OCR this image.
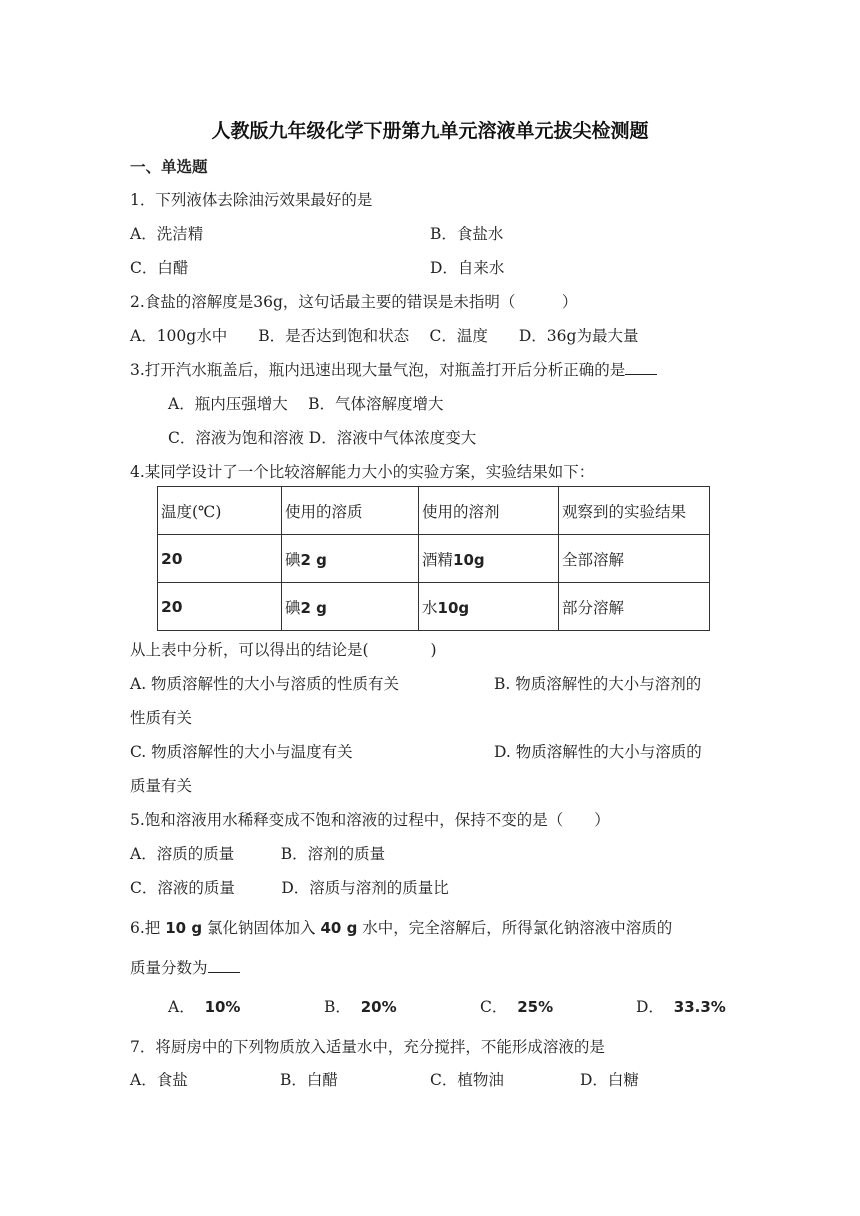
人教版九年级化学下册第九单元溶液单元拔尖检测题
一、单选题
1．下列液体去除油污效果最好的是
A．洗洁精	B．食盐水
C．白醋	D．自来水
2.食盐的溶解度是36g，这句话最主要的错误是未指明（　　　）
A．100g水中　　B．是否达到饱和状态　 C．温度　　D．36g为最大量
3.打开汽水瓶盖后，瓶内迅速出现大量气泡，对瓶盖打开后分析正确的是
A．瓶内压强增大　 B．气体溶解度增大
C．溶液为饱和溶液 D．溶液中气体浓度变大
4.某同学设计了一个比较溶解能力大小的实验方案，实验结果如下：
温度(℃)	使用的溶质	使用的溶剂	观察到的实验结果
20	碘2 g	酒精10g	全部溶解
20	碘2 g	水10g	部分溶解
从上表中分析，可以得出的结论是(　　　　)
A. 物质溶解性的大小与溶质的性质有关	B. 物质溶解性的大小与溶剂的
性质有关
C. 物质溶解性的大小与温度有关	D. 物质溶解性的大小与溶质的
质量有关
5.饱和溶液用水稀释变成不饱和溶液的过程中，保持不变的是（　　）
A．溶质的质量　　　B．溶剂的质量
C．溶液的质量　　　D．溶质与溶剂的质量比
6.把 10 g 氯化钠固体加入 40 g 水中，完全溶解后，所得氯化钠溶液中溶质的
质量分数为
A． 10%	B． 20%	C． 25%	D． 33.3%
7．将厨房中的下列物质放入适量水中，充分搅拌，不能形成溶液的是
A．食盐	B．白醋	C．植物油	D．白糖
